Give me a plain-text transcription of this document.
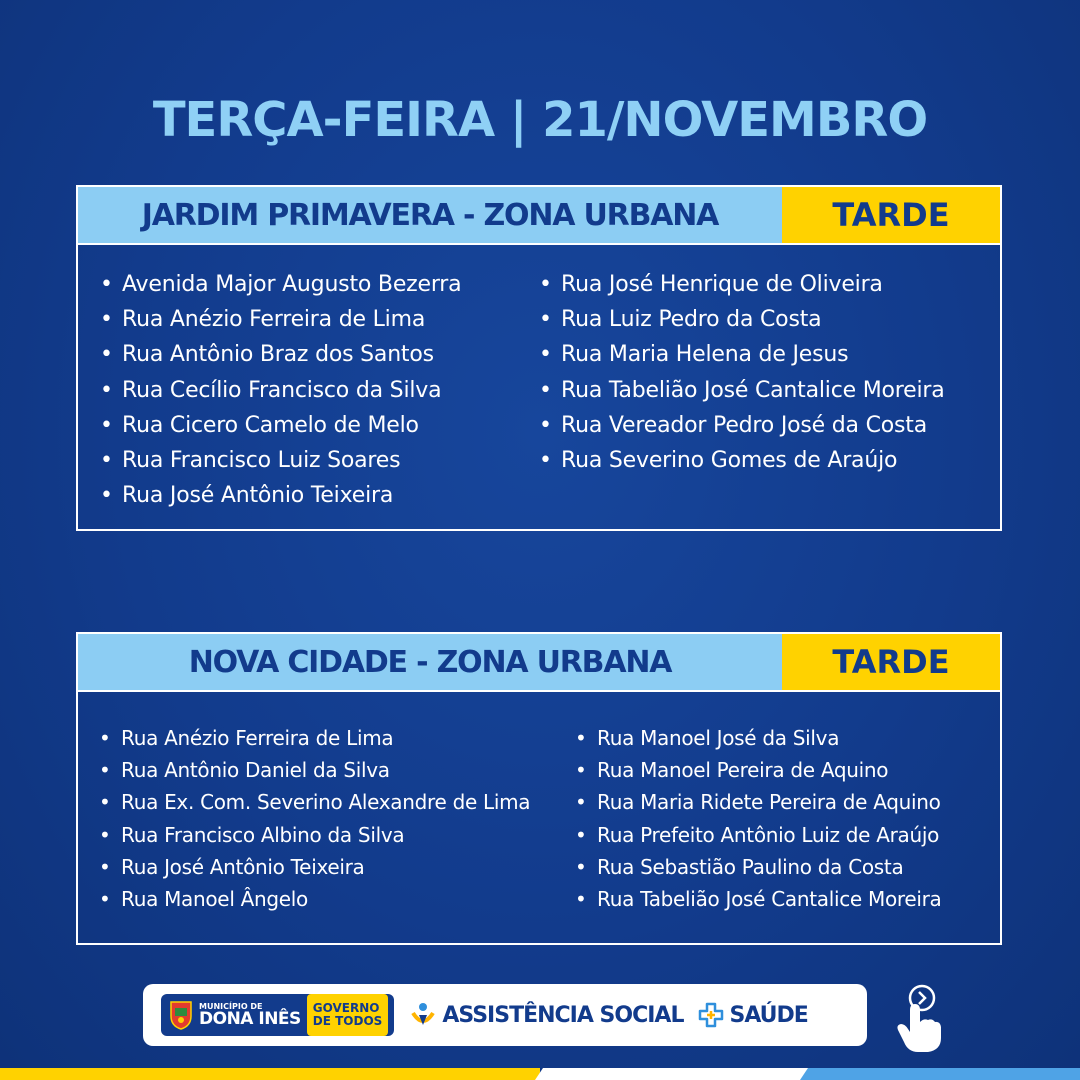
TERÇA-FEIRA | 21/NOVEMBRO
JARDIM PRIMAVERA - ZONA URBANA	TARDE
• Avenida Major Augusto Bezerra
• Rua Anézio Ferreira de Lima
• Rua Antônio Braz dos Santos
• Rua Cecílio Francisco da Silva
• Rua Cicero Camelo de Melo
• Rua Francisco Luiz Soares
• Rua José Antônio Teixeira
• Rua José Henrique de Oliveira
• Rua Luiz Pedro da Costa
• Rua Maria Helena de Jesus
• Rua Tabelião José Cantalice Moreira
• Rua Vereador Pedro José da Costa
• Rua Severino Gomes de Araújo
NOVA CIDADE - ZONA URBANA	TARDE
• Rua Anézio Ferreira de Lima
• Rua Antônio Daniel da Silva
• Rua Ex. Com. Severino Alexandre de Lima
• Rua Francisco Albino da Silva
• Rua José Antônio Teixeira
• Rua Manoel Ângelo
• Rua Manoel José da Silva
• Rua Manoel Pereira de Aquino
• Rua Maria Ridete Pereira de Aquino
• Rua Prefeito Antônio Luiz de Araújo
• Rua Sebastião Paulino da Costa
• Rua Tabelião José Cantalice Moreira
MUNICÍPIO DE
DONA INÊS
GOVERNO
DE TODOS	ASSISTÊNCIA SOCIAL SAÚDE
